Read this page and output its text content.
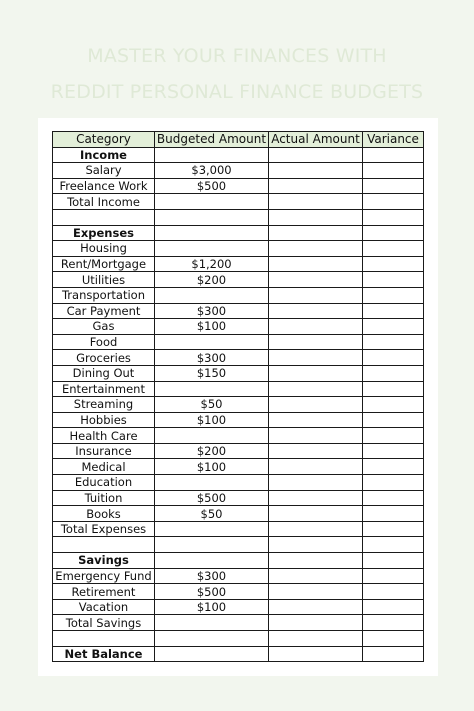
MASTER YOUR FINANCES WITH
REDDIT PERSONAL FINANCE BUDGETS
Category	Budgeted Amount	Actual Amount	Variance
Income			
Salary	$3,000		
Freelance Work	$500		
Total Income			

Expenses			
Housing			
Rent/Mortgage	$1,200		
Utilities	$200		
Transportation			
Car Payment	$300		
Gas	$100		
Food			
Groceries	$300		
Dining Out	$150		
Entertainment			
Streaming	$50		
Hobbies	$100		
Health Care			
Insurance	$200		
Medical	$100		
Education			
Tuition	$500		
Books	$50		
Total Expenses			

Savings			
Emergency Fund	$300		
Retirement	$500		
Vacation	$100		
Total Savings			

Net Balance			
